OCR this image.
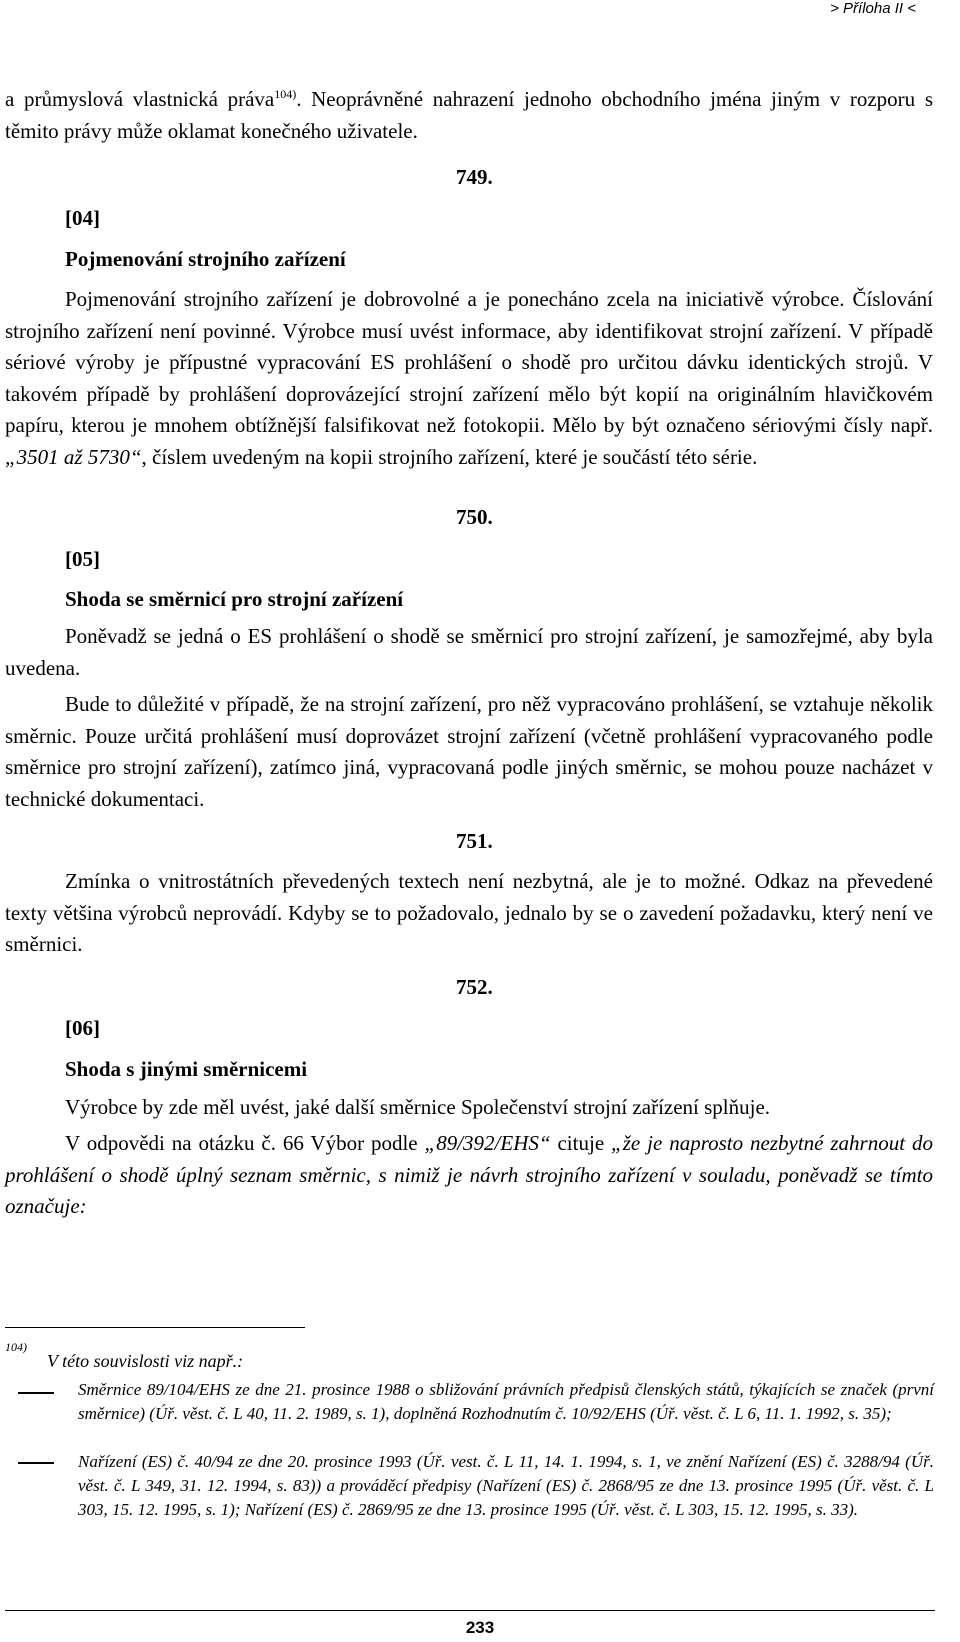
> Příloha II <

a průmyslová vlastnická práva$^{104)}$. Neoprávněné nahrazení jednoho obchodního jména jiným v rozporu s těmito právy může oklamat konečného uživatele.

749.
[04]
Pojmenování strojního zařízení

Pojmenování strojního zařízení je dobrovolné a je ponecháno zcela na iniciativě výrobce. Číslování strojního zařízení není povinné. Výrobce musí uvést informace, aby identifikovat strojní zařízení. V případě sériové výroby je přípustné vypracování ES prohlášení o shodě pro určitou dávku identických strojů. V takovém případě by prohlášení doprovázející strojní zařízení mělo být kopií na originálním hlavičkovém papíru, kterou je mnohem obtížnější falsifikovat než fotokopii. Mělo by být označeno sériovými čísly např. „3501 až 5730“, číslem uvedeným na kopii strojního zařízení, které je součástí této série.

750.
[05]
Shoda se směrnicí pro strojní zařízení

Poněvadž se jedná o ES prohlášení o shodě se směrnicí pro strojní zařízení, je samozřejmé, aby byla uvedena.

Bude to důležité v případě, že na strojní zařízení, pro něž vypracováno prohlášení, se vztahuje několik směrnic. Pouze určitá prohlášení musí doprovázet strojní zařízení (včetně prohlášení vypracovaného podle směrnice pro strojní zařízení), zatímco jiná, vypracovaná podle jiných směrnic, se mohou pouze nacházet v technické dokumentaci.

751.

Zmínka o vnitrostátních převedených textech není nezbytná, ale je to možné. Odkaz na převedené texty většina výrobců neprovádí. Kdyby se to požadovalo, jednalo by se o zavedení požadavku, který není ve směrnici.

752.
[06]
Shoda s jinými směrnicemi

Výrobce by zde měl uvést, jaké další směrnice Společenství strojní zařízení splňuje.

V odpovědi na otázku č. 66 Výbor podle „89/392/EHS“ cituje „že je naprosto nezbytné zahrnout do prohlášení o shodě úplný seznam směrnic, s nimiž je návrh strojního zařízení v souladu, poněvadž se tímto označuje:

104)
V této souvislosti viz např.:

Směrnice 89/104/EHS ze dne 21. prosince 1988 o sbližování právních předpisů členských států, týkajících se značek (první směrnice) (Úř. věst. č. L 40, 11. 2. 1989, s. 1), doplněná Rozhodnutím č. 10/92/EHS (Úř. věst. č. L 6, 11. 1. 1992, s. 35);

Nařízení (ES) č. 40/94 ze dne 20. prosince 1993 (Úř. vest. č. L 11, 14. 1. 1994, s. 1, ve znění Nařízení (ES) č. 3288/94 (Úř. věst. č. L 349, 31. 12. 1994, s. 83)) a prováděcí předpisy (Nařízení (ES) č. 2868/95 ze dne 13. prosince 1995 (Úř. věst. č. L 303, 15. 12. 1995, s. 1); Nařízení (ES) č. 2869/95 ze dne 13. prosince 1995 (Úř. věst. č. L 303, 15. 12. 1995, s. 33).

233
